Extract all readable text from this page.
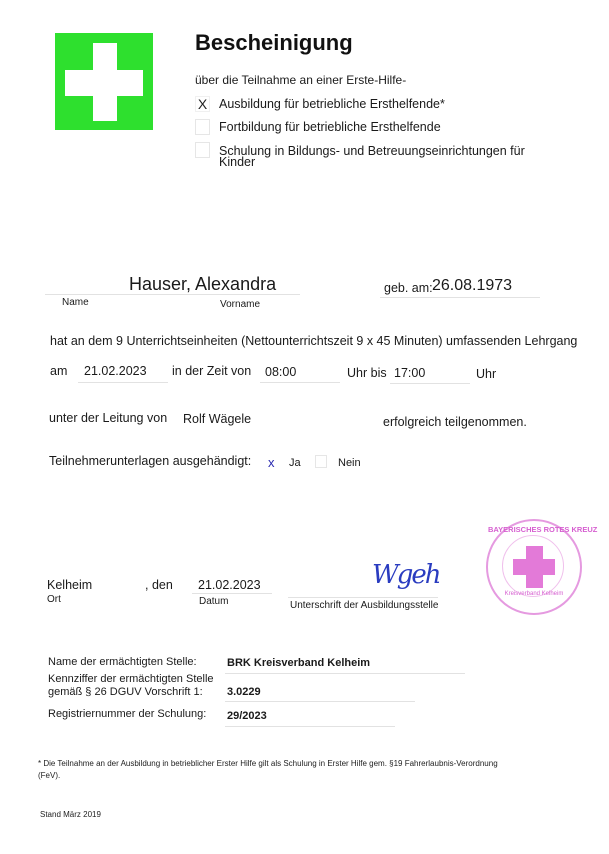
Bescheinigung
über die Teilnahme an einer Erste-Hilfe-
X Ausbildung für betriebliche Ersthelfende*
Fortbildung für betriebliche Ersthelfende
Schulung in Bildungs- und Betreuungseinrichtungen für
Kinder
Hauser, Alexandra	geb. am: 26.08.1973
Name	Vorname
hat an dem 9 Unterrichtseinheiten (Nettounterrichtszeit 9 x 45 Minuten) umfassenden Lehrgang
am 21.02.2023 in der Zeit von 08:00	Uhr bis 17:00	Uhr
unter der Leitung von Rolf Wägele	erfolgreich teilgenommen.
Teilnehmerunterlagen ausgehändigt: x Ja	Nein
Kelheim	, den 21.02.2023
Ort	Datum
Wgeh
Unterschrift der Ausbildungsstelle
BAYERISCHES ROTES KREUZ
Kreisverband Kelheim
Name der ermächtigten Stelle:	BRK Kreisverband Kelheim
Kennziffer der ermächtigten Stelle
gemäß § 26 DGUV Vorschrift 1: 3.0229
Registriernummer der Schulung: 29/2023
* Die Teilnahme an der Ausbildung in betrieblicher Erster Hilfe gilt als Schulung in Erster Hilfe gem. §19 Fahrerlaubnis-Verordnung
(FeV).
Stand März 2019
